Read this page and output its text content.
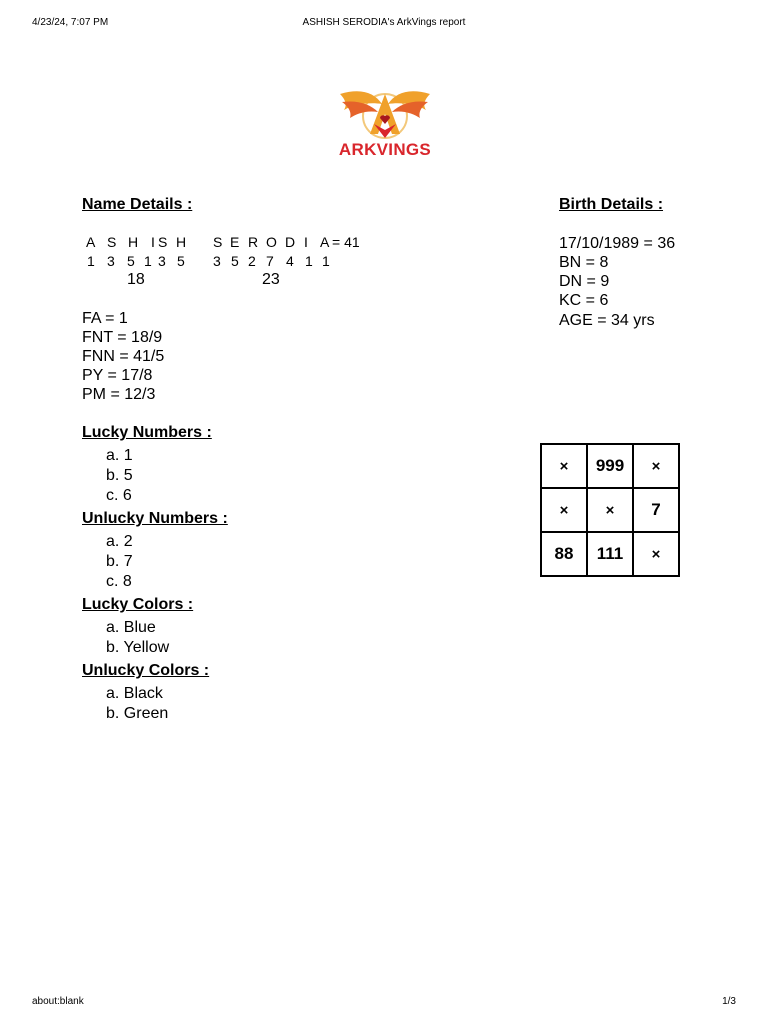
4/23/24, 7:07 PM	ASHISH SERODIA's ArkVings report
ARKVINGS
Name Details :
A S H I S H S E R O D I A = 41
1 3 5 1 3 5 3 5 2 7 4 1 1
18	23
FA = 1
FNT = 18/9
FNN = 41/5
PY = 17/8
PM = 12/3
Birth Details :
17/10/1989 = 36
BN = 8
DN = 9
KC = 6
AGE = 34 yrs
Lucky Numbers :
a. 1
b. 5
c. 6
Unlucky Numbers :
a. 2
b. 7
c. 8
Lucky Colors :
a. Blue
b. Yellow
Unlucky Colors :
a. Black
b. Green
×	999	×
×	×	7
88	111	×
about:blank	1/3
